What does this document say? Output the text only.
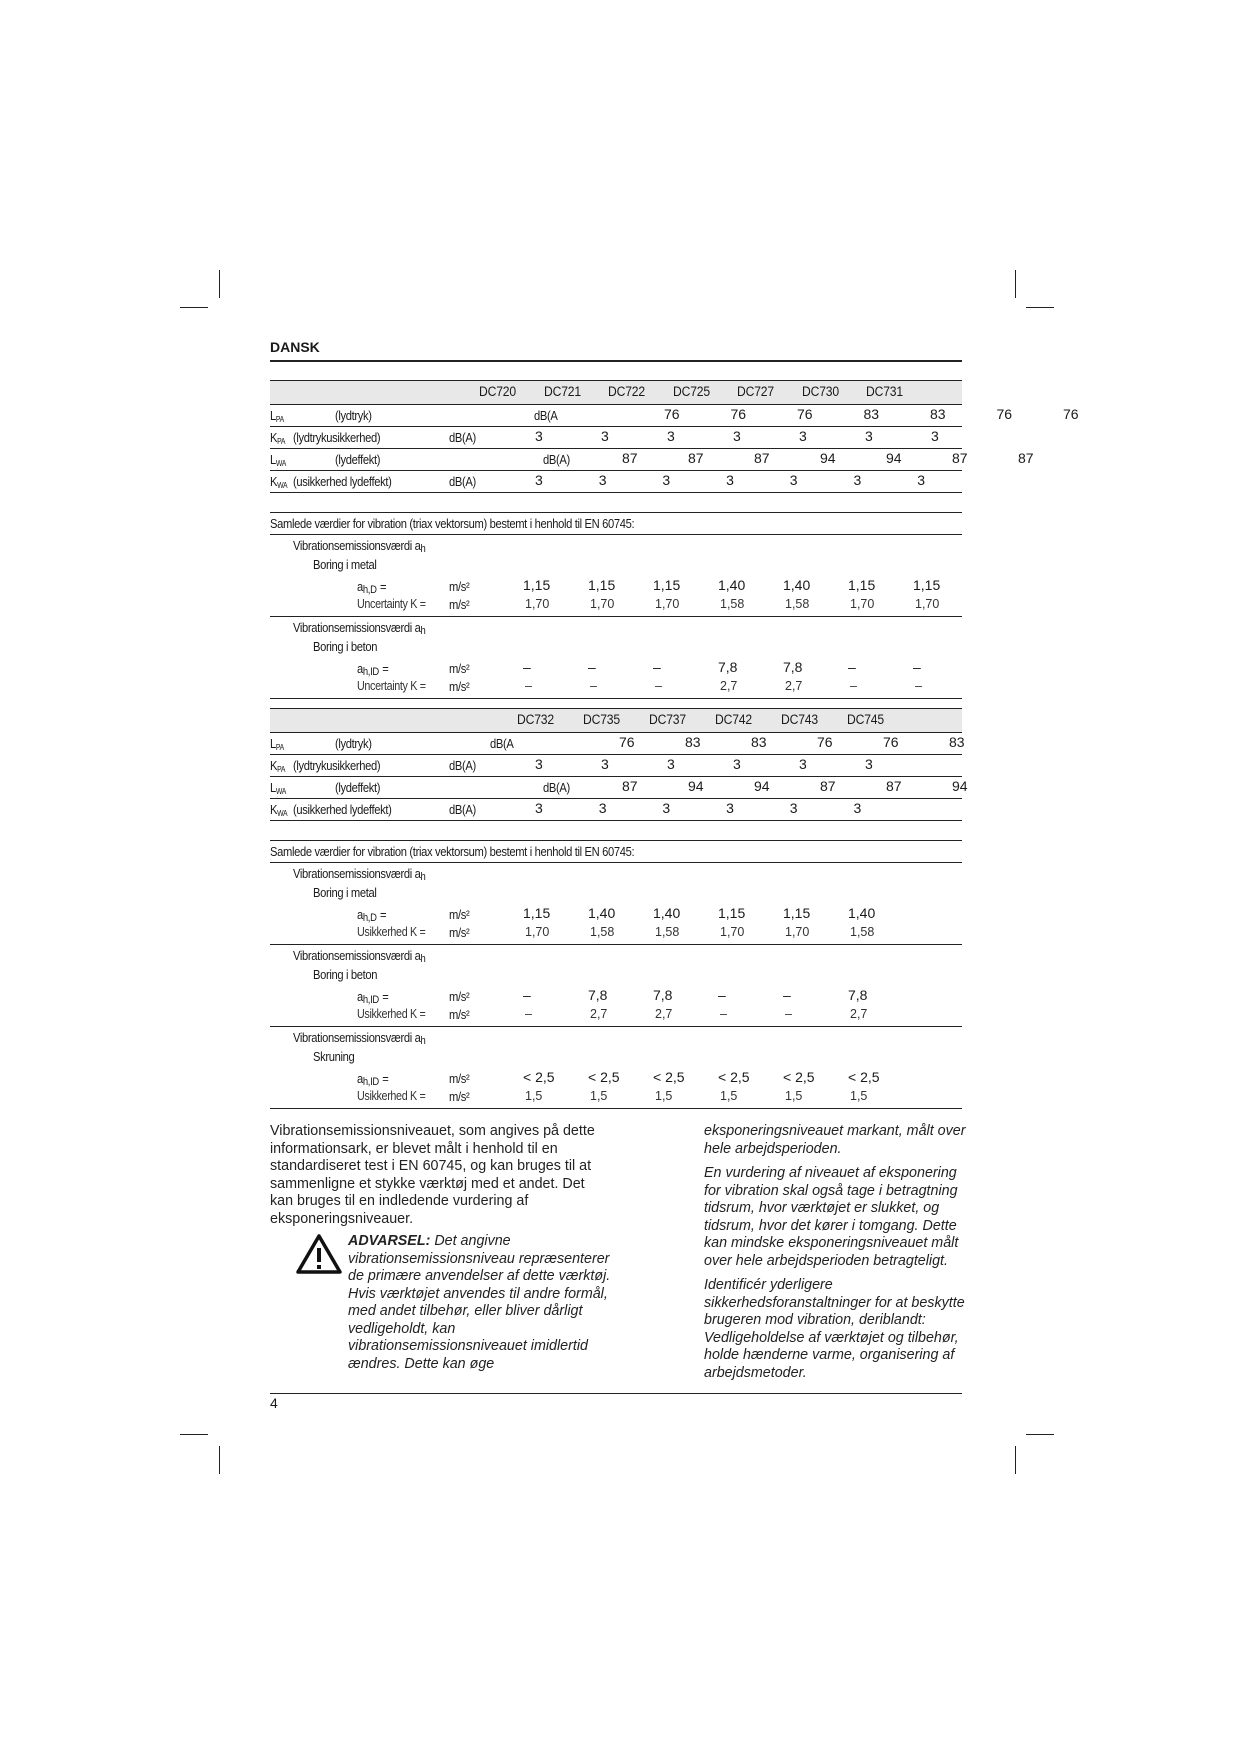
DANSK
DC720 DC721 DC722 DC725 DC727 DC730 DC731
$L_{PA}$	(lydtryk)	dB(A	76	76	76	83	83	76	76
$K_{PA}$ (lydtrykusikkerhed)	dB(A)	3	3	3	3	3	3	3
$L_{WA}$	(lydeffekt)	dB(A)	87	87	87	94	94	87	87
$K_{WA}$ (usikkerhed lydeffekt)	dB(A)	3	3	3	3	3	3	3
Samlede værdier for vibration (triax vektorsum) bestemt i henhold til EN 60745:
Vibrationsemissionsværdi $a_h$
Boring i metal
$a_{h,D}$ =	m/s²	1,15	1,15	1,15	1,40	1,40	1,15	1,15
Uncertainty K = m/s²	1,70	1,70	1,70	1,58	1,58	1,70	1,70
Vibrationsemissionsværdi $a_h$
Boring i beton
$a_{h,ID}$ =	m/s²	–	–	–	7,8	7,8	–	–
Uncertainty K = m/s²	–	–	–	2,7	2,7	–	–
DC732 DC735 DC737 DC742 DC743 DC745
$L_{PA}$	(lydtryk)	dB(A	76	83	83	76	76	83
$K_{PA}$ (lydtrykusikkerhed)	dB(A)	3	3	3	3	3	3
$L_{WA}$	(lydeffekt)	dB(A)	87	94	94	87	87	94
$K_{WA}$ (usikkerhed lydeffekt)	dB(A)	3	3	3	3	3	3
Samlede værdier for vibration (triax vektorsum) bestemt i henhold til EN 60745:
Vibrationsemissionsværdi $a_h$
Boring i metal
$a_{h,D}$ =	m/s²	1,15	1,40	1,40	1,15	1,15	1,40
Usikkerhed K = m/s²	1,70	1,58	1,58	1,70	1,70	1,58
Vibrationsemissionsværdi $a_h$
Boring i beton
$a_{h,ID}$ =	m/s²	–	7,8	7,8	–	–	7,8
Usikkerhed K = m/s²	–	2,7	2,7	–	–	2,7
Vibrationsemissionsværdi $a_h$
Skruning
$a_{h,ID}$ =	m/s²	< 2,5 < 2,5 < 2,5 < 2,5 < 2,5 < 2,5
Usikkerhed K = m/s²	1,5	1,5	1,5	1,5	1,5	1,5

Vibrationsemissionsniveauet, som angives på dette informationsark, er blevet målt i henhold til en standardiseret test i EN 60745, og kan bruges til at sammenligne et stykke værktøj med et andet. Det kan bruges til en indledende vurdering af eksponeringsniveauer.

ADVARSEL: Det angivne vibrationsemissionsniveau repræsenterer de primære anvendelser af dette værktøj. Hvis værktøjet anvendes til andre formål, med andet tilbehør, eller bliver dårligt vedligeholdt, kan vibrationsemissionsniveauet imidlertid ændres. Dette kan øge

eksponeringsniveauet markant, målt over hele arbejdsperioden.

En vurdering af niveauet af eksponering for vibration skal også tage i betragtning tidsrum, hvor værktøjet er slukket, og tidsrum, hvor det kører i tomgang. Dette kan mindske eksponeringsniveauet målt over hele arbejdsperioden betragteligt.

Identificér yderligere sikkerhedsforanstaltninger for at beskytte brugeren mod vibration, deriblandt: Vedligeholdelse af værktøjet og tilbehør, holde hænderne varme, organisering af arbejdsmetoder.

4
